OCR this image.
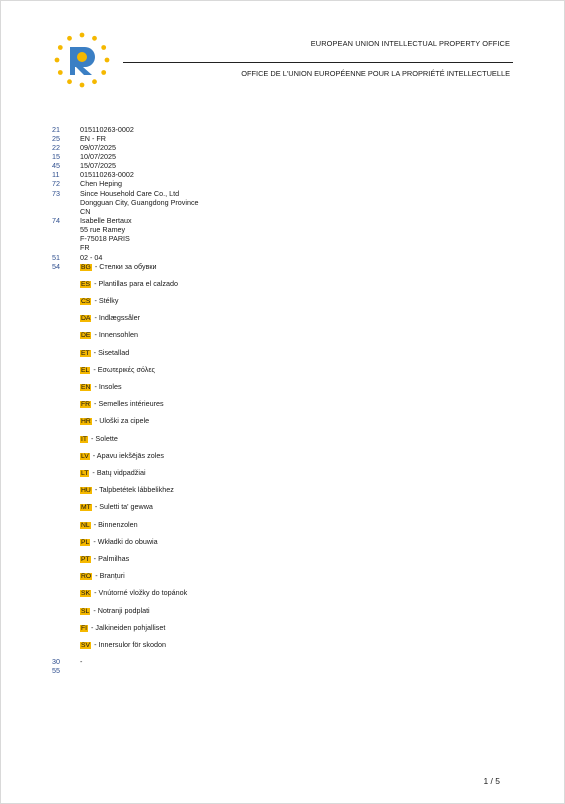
EUROPEAN UNION INTELLECTUAL PROPERTY OFFICE
OFFICE DE L'UNION EUROPÉENNE POUR LA PROPRIÉTÉ INTELLECTUELLE
21	015110263-0002
25	EN - FR
22	09/07/2025
15	10/07/2025
45	15/07/2025
11	015110263-0002
72	Chen Heping
73	Since Household Care Co., Ltd
Dongguan City, Guangdong Province
CN
74	Isabelle Bertaux
55 rue Ramey
F-75018 PARIS
FR
51	02 - 04
54	BG - Стелки за обувки
ES - Plantillas para el calzado
CS - Stélky
DA - Indlægssåler
DE - Innensohlen
ET - Sisetallad
EL - Εσωτερικές σόλες
EN - Insoles
FR - Semelles intérieures
HR - Uloški za cipele
IT - Solette
LV - Apavu iekšējās zoles
LT - Batų vidpadžiai
HU - Talpbetétek lábbelikhez
MT - Suletti ta' gewwa
NL - Binnenzolen
PL - Wkładki do obuwia
PT - Palmilhas
RO - Branțuri
SK - Vnútorné vložky do topánok
SL - Notranji podplati
FI - Jalkineiden pohjalliset
SV - Innersulor för skodon
30	-
55
1 / 5
